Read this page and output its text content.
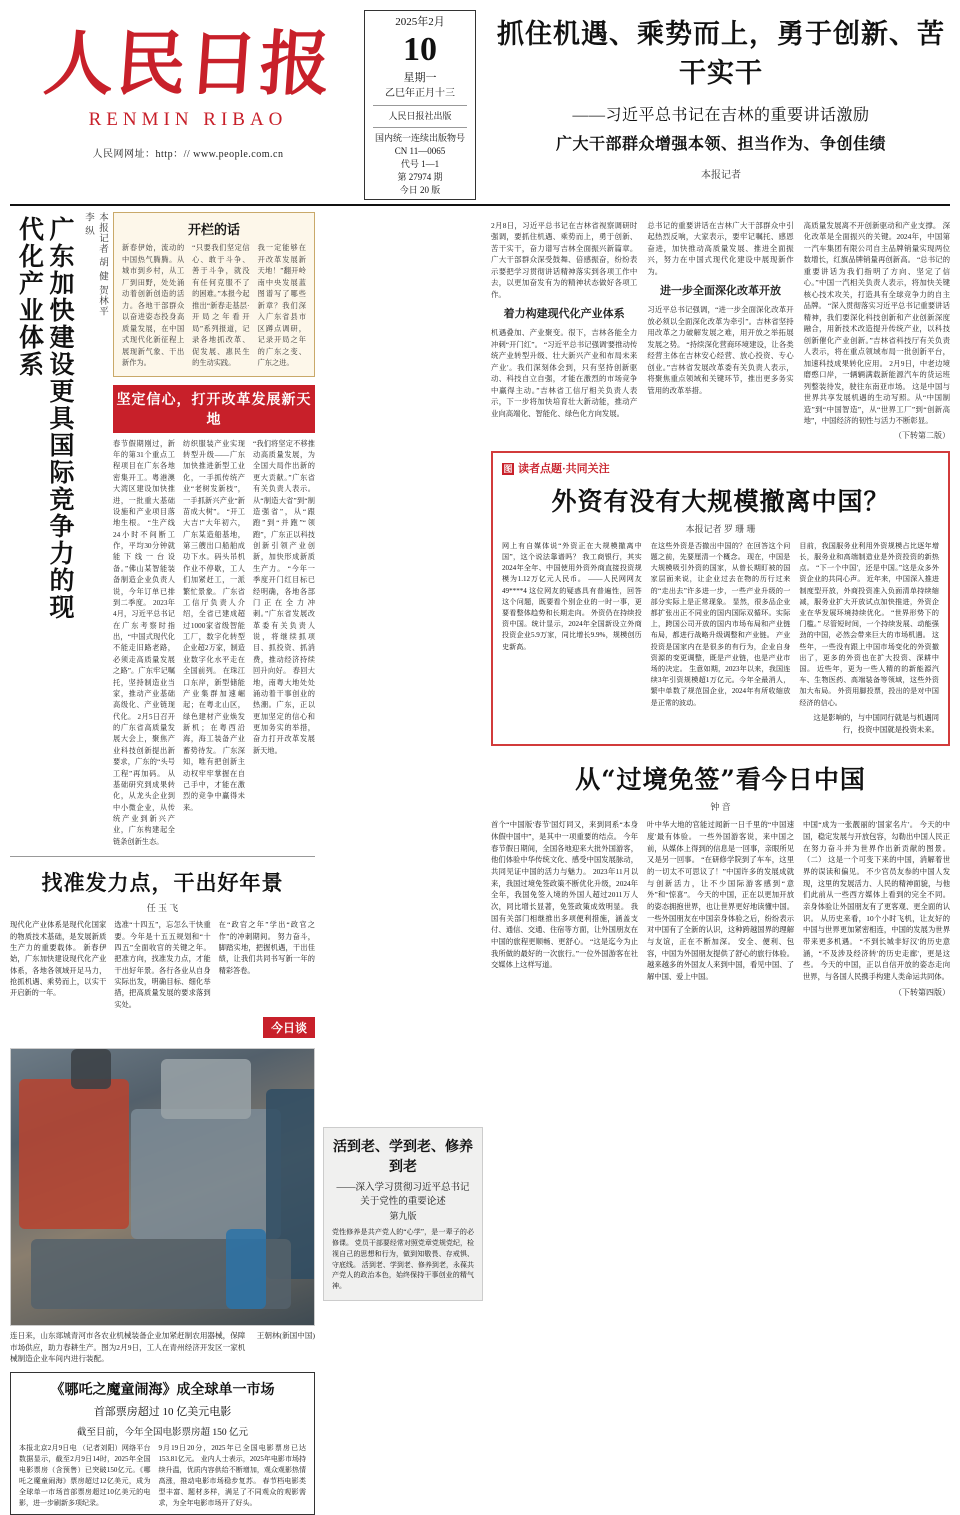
人民日报
RENMIN RIBAO
人民网网址：http：// www.people.com.cn
2025年2月
10
星期一
乙巳年正月十三
人民日报社出版
国内统一连续出版物号
CN 11—0065
代号 1—1
第 27974 期
今日 20 版
抓住机遇、乘势而上，勇于创新、苦干实干
——习近平总书记在吉林的重要讲话激励
广大干部群众增强本领、担当作为、争创佳绩
本报记者
广东加快建设更具国际竞争力的现代化产业体系	本报记者 胡 健 贺林平 李 纵	开栏的话

新春伊始，流动的中国热气腾腾。从城市到乡村，从工厂到田野，处处涌动着创新创造的活力。各地干部群众以奋进姿态投身高质量发展，在中国式现代化新征程上展现新气象、干出新作为。

“只要我们坚定信心、敢于斗争、善于斗争，就没有任何克服不了的困难。”本报今起推出“新春走基层·开局之年看开局”系列报道，记录各地抓改革、促发展、惠民生的生动实践。

我一定能够在开改革发展新天地！”翻开岭南中央发展蓝图谱写了哪些新章？我们深入广东省县市区蹲点调研，记录开局之年的广东之变、广东之进。

坚定信心，打开改革发展新天地
春节假期刚过，新年的第31个重点工程项目在广东各地密集开工。粤港澳大湾区建设加快推进，一批重大基础设施和产业项目落地生根。 “生产线24小时不间断工作，平均30分钟就能下线一台设备。”佛山某智能装备制造企业负责人说，今年订单已排到二季度。 2023年4月，习近平总书记在广东考察时指出，“中国式现代化不能走旧路老路，必须走高质量发展之路”。广东牢记嘱托，坚持制造业当家，推动产业基础高级化、产业链现代化。 2月5日召开的广东省高质量发展大会上，聚焦产业科技创新提出新要求，广东的“头号工程”再加码。 从基础研究到成果转化，从龙头企业到中小微企业，从传统产业到新兴产业，广东构建起全链条创新生态。
纺织服装产业实现转型升级——广东加快推进新型工业化，一手抓传统产业“老树发新枝”，一手抓新兴产业“新苗成大树”。 “开工大吉!”大年初六，广东某造船基地，第三艘出口船舶成功下水。码头吊机作业不停歇，工人们加紧赶工，一派繁忙景象。 广东省工信厅负责人介绍，全省已建成超过1000家省级智能工厂，数字化转型企业超2万家，制造业数字化水平走在全国前列。 在珠江口东岸，新型储能产业集群加速崛起；在粤北山区，绿色建材产业焕发新机；在粤西沿海，海工装备产业蓄势待发。 广东深知，唯有把创新主动权牢牢掌握在自己手中，才能在激烈的竞争中赢得未来。
“我们将坚定不移推动高质量发展，为全国大局作出新的更大贡献。”广东省有关负责人表示。 从“制造大省”到“制造强省”，从“跟跑”到“并跑”“领跑”，广东正以科技创新引领产业创新，加快形成新质生产力。 “今年一季度开门红目标已经明确，各地各部门正在全力冲刺。”广东省发展改革委有关负责人说，将继续抓项目、抓投资、抓消费，推动经济持续回升向好。 春回大地，南粤大地处处涌动着干事创业的热潮。广东，正以更加坚定的信心和更加务实的举措，奋力打开改革发展新天地。
找准发力点，干出好年景
任 玉 飞
现代化产业体系是现代化国家的物质技术基础，是发展新质生产力的重要载体。 新春伊始，广东加快建设现代化产业体系，各地各领域开足马力，抢抓机遇、乘势而上，以实干开启新的一年。
选准“十四五”，忘怎么干快重要。今年是十五五规划和“十四五”全面收官的关键之年。 把准方向，找准发力点，才能干出好年景。各行各业从自身实际出发，明确目标、细化举措，把高质量发展的要求落到实处。
在“政官之年”学出“政官之作”的冲刺期间。 努力奋斗，脚踏实地，把握机遇，干出佳绩，让我们共同书写新一年的精彩答卷。
今日谈
连日来，山东郯城青河市各农业机械装备企业加紧赶制农用器械，保障市场供应，助力春耕生产。图为2月9日，工人在青州经济开发区一家机械制造企业车间内进行装配。
王朝林(新国中国)
《哪吒之魔童闹海》成全球单一市场
首部票房超过 10 亿美元电影
截至目前，今年全国电影票房超 150 亿元

本报北京2月9日电 （记者刘阳）网络平台数据显示，截至2月9日14时，2025年全国电影票房（含预售）已突破150亿元。《哪吒之魔童闹海》票房超过12亿美元，成为全球单一市场首部票房超过10亿美元的电影，进一步刷新多项纪录。

9月19日20分，2025年已全国电影票房已达153.81亿元。 业内人士表示，2025年电影市场持续升温，优质内容供给不断增加，观众观影热情高涨，推动电影市场稳步复苏。 春节档电影类型丰富、题材多样，满足了不同观众的观影需求，为全年电影市场开了好头。

活到老、学到老、修养到老
——深入学习贯彻习近平总书记关于党性的重要论述
第九版

党性修养是共产党人的“心学”，是一辈子的必修课。 党员干部要经常对照党章党规党纪，检视自己的思想和行为，做到知敬畏、存戒惧、守底线。 活到老、学到老、修养到老，永葆共产党人的政治本色，始终保持干事创业的精气神。

2月8日，习近平总书记在吉林省视察调研时强调，要抓住机遇、乘势而上，勇于创新、苦干实干，奋力谱写吉林全面振兴新篇章。广大干部群众深受鼓舞、倍感振奋，纷纷表示要把学习贯彻讲话精神落实到各项工作中去，以更加奋发有为的精神状态做好各项工作。
着力构建现代化产业体系
机遇叠加、产业聚变。很下，吉林各能全力冲刺“开门红”。 “习近平总书记强调'要推动传统产业转型升级、壮大新兴产业和布局未来产业'。我们深刻体会到，只有坚持创新驱动、科技自立自强，才能在激烈的市场竞争中赢得主动。”吉林省工信厅相关负责人表示，下一步将加快培育壮大新动能，推动产业向高端化、智能化、绿色化方向发展。
总书记的重要讲话在吉林广大干部群众中引起热烈反响，大家表示，要牢记嘱托、感恩奋进，加快推动高质量发展、推进全面振兴，努力在中国式现代化建设中展现新作为。
进一步全面深化改革开放
习近平总书记强调，“进一步全面深化改革开放必须以全面深化改革为牵引”。吉林省坚持用改革之力破解发展之难，用开放之举拓展发展之势。 “持续深化营商环境建设，让各类经营主体在吉林安心经营、放心投资、专心创业。”吉林省发展改革委有关负责人表示，将聚焦重点领域和关键环节，推出更多务实管用的改革举措。
高质量发展离不开创新驱动和产业支撑。 深化改革是全面振兴的关键。2024年，中国第一汽车集团有限公司自主品牌销量实现两位数增长，红旗品牌销量再创新高。 “总书记的重要讲话为我们指明了方向、坚定了信心。”中国一汽相关负责人表示，将加快关键核心技术攻关，打造具有全球竞争力的自主品牌。 “深入贯彻落实习近平总书记重要讲话精神，我们要深化科技创新和产业创新深度融合，用新技术改造提升传统产业，以科技创新催化产业创新。”吉林省科技厅有关负责人表示，将在重点领域布局一批创新平台，加速科技成果转化应用。 2月9日，中老边境磨憨口岸，一辆辆满载新能源汽车的货运班列整装待发，驶往东南亚市场。 这是中国与世界共享发展机遇的生动写照。从“中国制造”到“中国智造”，从“世界工厂”到“创新高地”，中国经济的韧性与活力不断彰显。
（下转第二版）
图 读者点题·共同关注
外资有没有大规模撤离中国？
本报记者 罗 珊 珊
网上有自媒体说“外资正在大规模撤离中国”，这个说法靠谱吗？ 我工商银行，其实2024年全年、中国使用外资外商直接投资规模为1.12万亿元人民币。 ——人民网网友49****4 这位网友的疑惑具有普遍性，回答这个问题，既要看个别企业的一时一事，更要看整体趋势和长期走向。 外资仍在持续投资中国。统计显示，2024年全国新设立外商投资企业5.9万家，同比增长9.9%，规模创历史新高。
在这些外资是否撤出中国的？在回答这个问题之前，先要厘清一个概念。 现在，中国是大规模吸引外资的国家，从曾长期盯被的国家层面来说，让企业过去在物的历行过来的“走出去”许多进一步，一些产业升级的一部分实际上是正常现象。 显然，很多品企业都扩张出正不同业的国内国际双循环。实际上，跨国公司开放的国内市场布局和产业链布局，都进行战略升级调整和产业链。 产业投资是国家内在是很多的有行为，企业自身资源的变更调整，既是产业链，也是产业市场的决定。 生意如期，2023年以来，我国连续3年引资规模超1万亿元。今年全最消人，繁中单数了规范国企业，2024年有所收缩放是正常的波动。
目前，我国服务业利用外资规模占比逐年增长，服务业和高端制造业是外资投资的新热点。 “下一个中国'，还是中国。”这是众多外资企业的共同心声。 近年来，中国深入推进制度型开放，外商投资准入负面清单持续缩减，服务业扩大开放试点加快推进，外资企业在华发展环境持续优化。 “世界形势下的门槛。” 尽管短时间，一个持续发展、动能强劲的中国，必然会带来巨大的市场机遇。 这些年，一些没有跟上中国市场变化的外资撤出了，更多的外资也在扩大投资、深耕中国。 近些年，更为一些人精的的新能源汽车、生物医药、高端装备等领域，这些外资加大布局。 外资用脚投票，投出的是对中国经济的信心。
这是影响的，与中国同行就是与机遇同行，投资中国就是投资未来。
从“过境免签”看今日中国
钟 音
首个“中国版'春节'国灯同又，来到同系“本身休假中国中”，是其中一项重要的结点。 今年春节假日期间，全国各地迎来大批外国游客，他们体验中华传统文化、感受中国发展脉动，共同见证中国的活力与魅力。 2023年11月以来，我国过境免签政策不断优化升级，2024年全年，我国免签入境的外国人超过2011万人次，同比增长显著，免签政策成效明显。 我国有关部门相继推出多项便利措施，涵盖支付、通信、交通、住宿等方面，让外国朋友在中国的旅程更顺畅、更舒心。 “这是迄今为止我所做的最好的一次旅行。”一位外国游客在社交媒体上这样写道。
叶中华大地的官能过闻新一日千里的“中国速度'最有体验。 一些外国游客说，来中国之前，从媒体上得到的信息是一回事，亲眼所见又是另一回事。 “在研修学院到了车车，这里的一切太不可思议了！”中国许多的发展成就与创新活力，让不少国际游客感到“意外”和“惊喜”。 今天的中国，正在以更加开放的姿态拥抱世界，也让世界更好地读懂中国。 一些外国朋友在中国亲身体验之后，纷纷表示对中国有了全新的认识，这种跨越国界的理解与友谊，正在不断加深。 安全、便利、包容，中国为外国朋友提供了舒心的旅行体验。 越来越多的外国友人来到中国，看见中国、了解中国、爱上中国。
中国“成为一张靓丽的'国家名片'。 今天的中国，稳定发展与开放包容，勾勒出中国人民正在努力奋斗并为世界作出新贡献的图景。 （二） 这是一个可变下来的中国，消解着世界的误读和偏见。 不少官员友参的中国人发现，这里的发展活力、人民的精神面貌，与他们此前从一些西方媒体上看到的完全不同。 亲身体验让外国朋友有了更客观、更全面的认识。 从历史来看，10个小时飞机，让友好的中国与世界更加紧密相连，中国的发展为世界带来更多机遇。 “不到长城非好汉'的历史意涵，“不及涉及经济转'的历史走廊'，更是这些。 今天的中国，正以自信开放的姿态走向世界，与各国人民携手构建人类命运共同体。
（下转第四版）
